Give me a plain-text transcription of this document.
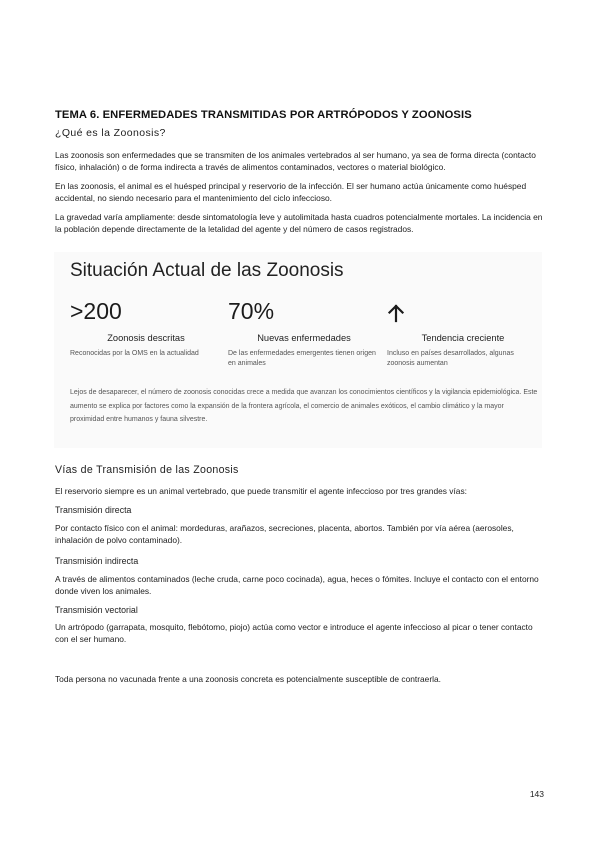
TEMA 6. ENFERMEDADES TRANSMITIDAS POR ARTRÓPODOS Y ZOONOSIS
¿Qué es la Zoonosis?
Las zoonosis son enfermedades que se transmiten de los animales vertebrados al ser humano, ya sea de forma directa (contacto físico, inhalación) o de forma indirecta a través de alimentos contaminados, vectores o material biológico.
En las zoonosis, el animal es el huésped principal y reservorio de la infección. El ser humano actúa únicamente como huésped accidental, no siendo necesario para el mantenimiento del ciclo infeccioso.
La gravedad varía ampliamente: desde sintomatología leve y autolimitada hasta cuadros potencialmente mortales. La incidencia en la población depende directamente de la letalidad del agente y del número de casos registrados.
Vías de Transmisión de las Zoonosis
El reservorio siempre es un animal vertebrado, que puede transmitir el agente infeccioso por tres grandes vías:
Transmisión directa
Por contacto físico con el animal: mordeduras, arañazos, secreciones, placenta, abortos. También por vía aérea (aerosoles, inhalación de polvo contaminado).
Transmisión indirecta
A través de alimentos contaminados (leche cruda, carne poco cocinada), agua, heces o fómites. Incluye el contacto con el entorno donde viven los animales.
Transmisión vectorial
Un artrópodo (garrapata, mosquito, flebótomo, piojo) actúa como vector e introduce el agente infeccioso al picar o tener contacto con el ser humano.
Toda persona no vacunada frente a una zoonosis concreta es potencialmente susceptible de contraerla.
Situación Actual de las Zoonosis
>200
Zoonosis descritas
Reconocidas por la OMS en la actualidad
70%
Nuevas enfermedades
De las enfermedades emergentes tienen origen en animales
Tendencia creciente
Incluso en países desarrollados, algunas zoonosis aumentan
Lejos de desaparecer, el número de zoonosis conocidas crece a medida que avanzan los conocimientos científicos y la vigilancia epidemiológica. Este aumento se explica por factores como la expansión de la frontera agrícola, el comercio de animales exóticos, el cambio climático y la mayor proximidad entre humanos y fauna silvestre.
143
